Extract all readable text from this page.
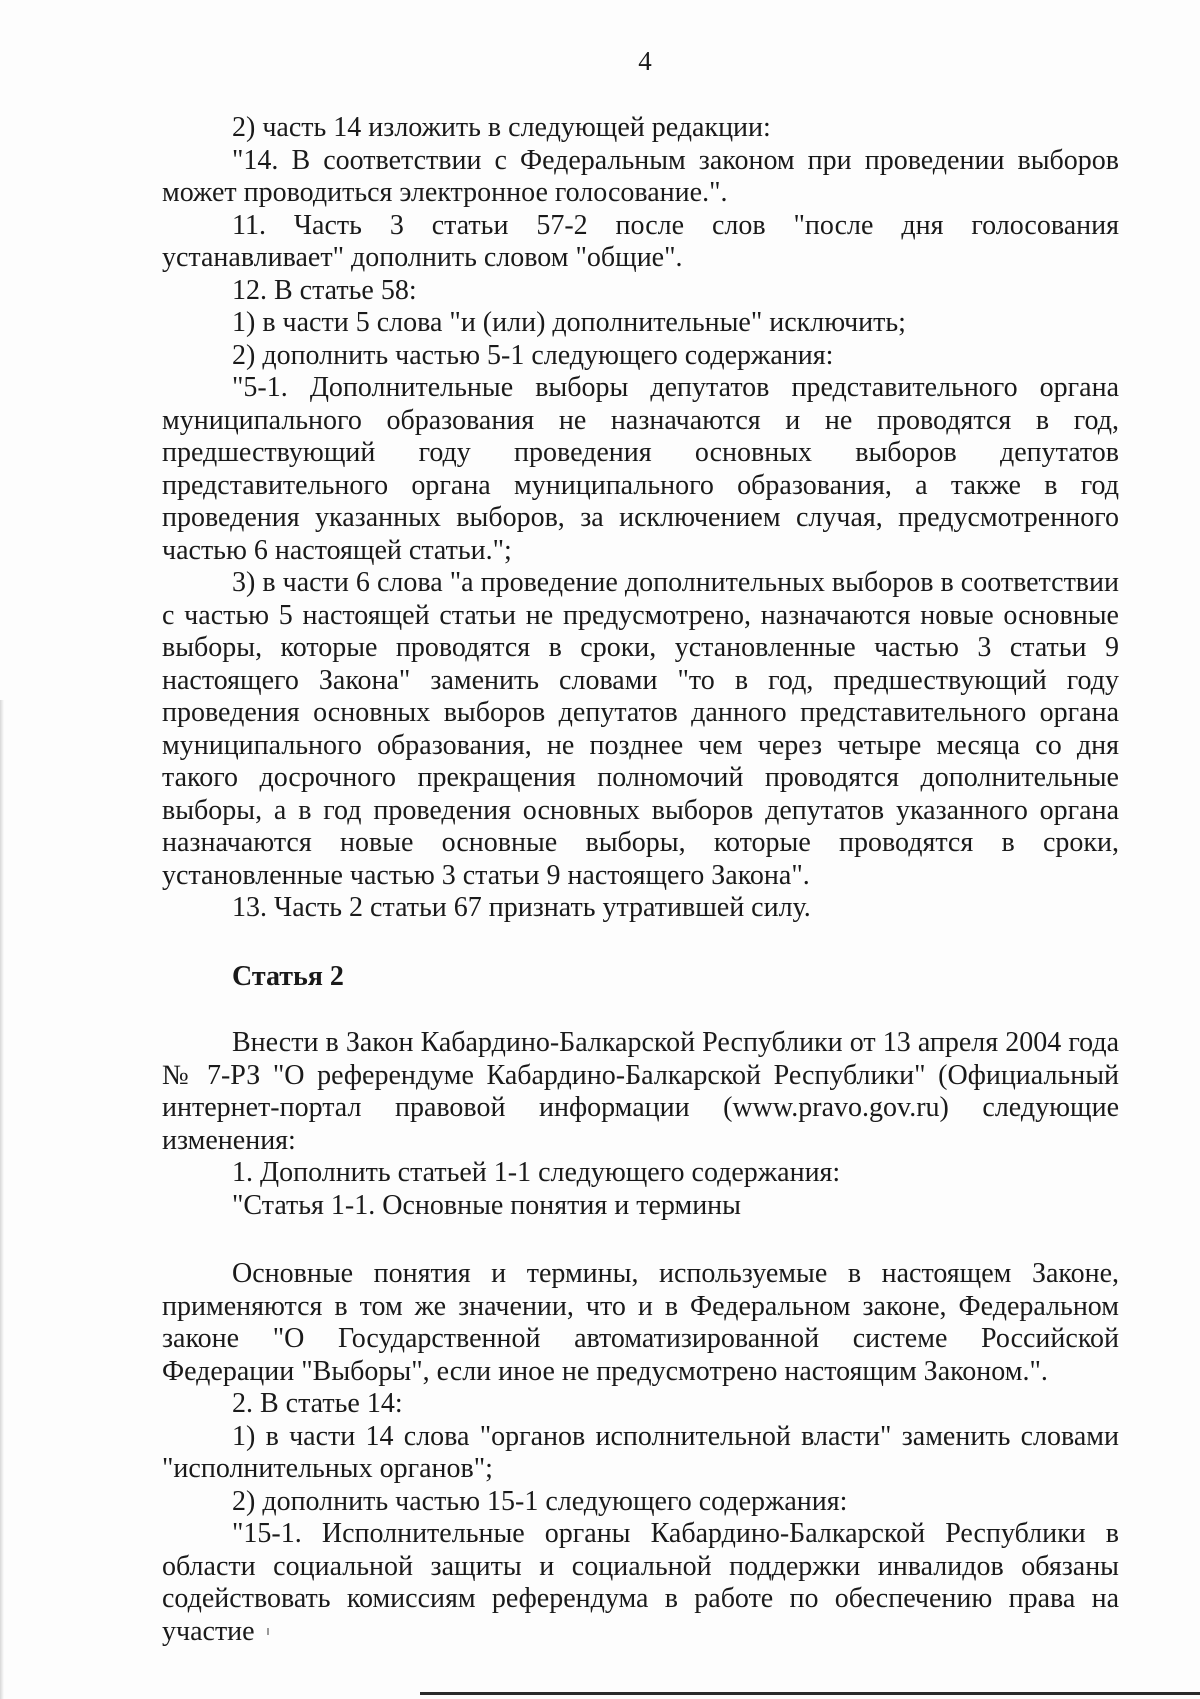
4

2) часть 14 изложить в следующей редакции:

"14. В соответствии с Федеральным законом при проведении выборов может проводиться электронное голосование.".

11. Часть 3 статьи 57-2 после слов "после дня голосования устанавливает" дополнить словом "общие".

12. В статье 58:

1) в части 5 слова "и (или) дополнительные" исключить;

2) дополнить частью 5-1 следующего содержания:

"5-1. Дополнительные выборы депутатов представительного органа муниципального образования не назначаются и не проводятся в год, предшествующий году проведения основных выборов депутатов представительного органа муниципального образования, а также в год проведения указанных выборов, за исключением случая, предусмотренного частью 6 настоящей статьи.";

3) в части 6 слова "а проведение дополнительных выборов в соответствии с частью 5 настоящей статьи не предусмотрено, назначаются новые основные выборы, которые проводятся в сроки, установленные частью 3 статьи 9 настоящего Закона" заменить словами "то в год, предшествующий году проведения основных выборов депутатов данного представительного органа муниципального образования, не позднее чем через четыре месяца со дня такого досрочного прекращения полномочий проводятся дополнительные выборы, а в год проведения основных выборов депутатов указанного органа назначаются новые основные выборы, которые проводятся в сроки, установленные частью 3 статьи 9 настоящего Закона".

13. Часть 2 статьи 67 признать утратившей силу.

Статья 2

Внести в Закон Кабардино-Балкарской Республики от 13 апреля 2004 года № 7-РЗ "О референдуме Кабардино-Балкарской Республики" (Официальный интернет-портал правовой информации (www.pravo.gov.ru) следующие изменения:

1. Дополнить статьей 1-1 следующего содержания:

"Статья 1-1. Основные понятия и термины

Основные понятия и термины, используемые в настоящем Законе, применяются в том же значении, что и в Федеральном законе, Федеральном законе "О Государственной автоматизированной системе Российской Федерации "Выборы", если иное не предусмотрено настоящим Законом.".

2. В статье 14:

1) в части 14 слова "органов исполнительной власти" заменить словами "исполнительных органов";

2) дополнить частью 15-1 следующего содержания:

"15-1. Исполнительные органы Кабардино-Балкарской Республики в области социальной защиты и социальной поддержки инвалидов обязаны содействовать комиссиям референдума в работе по обеспечению права на участие
